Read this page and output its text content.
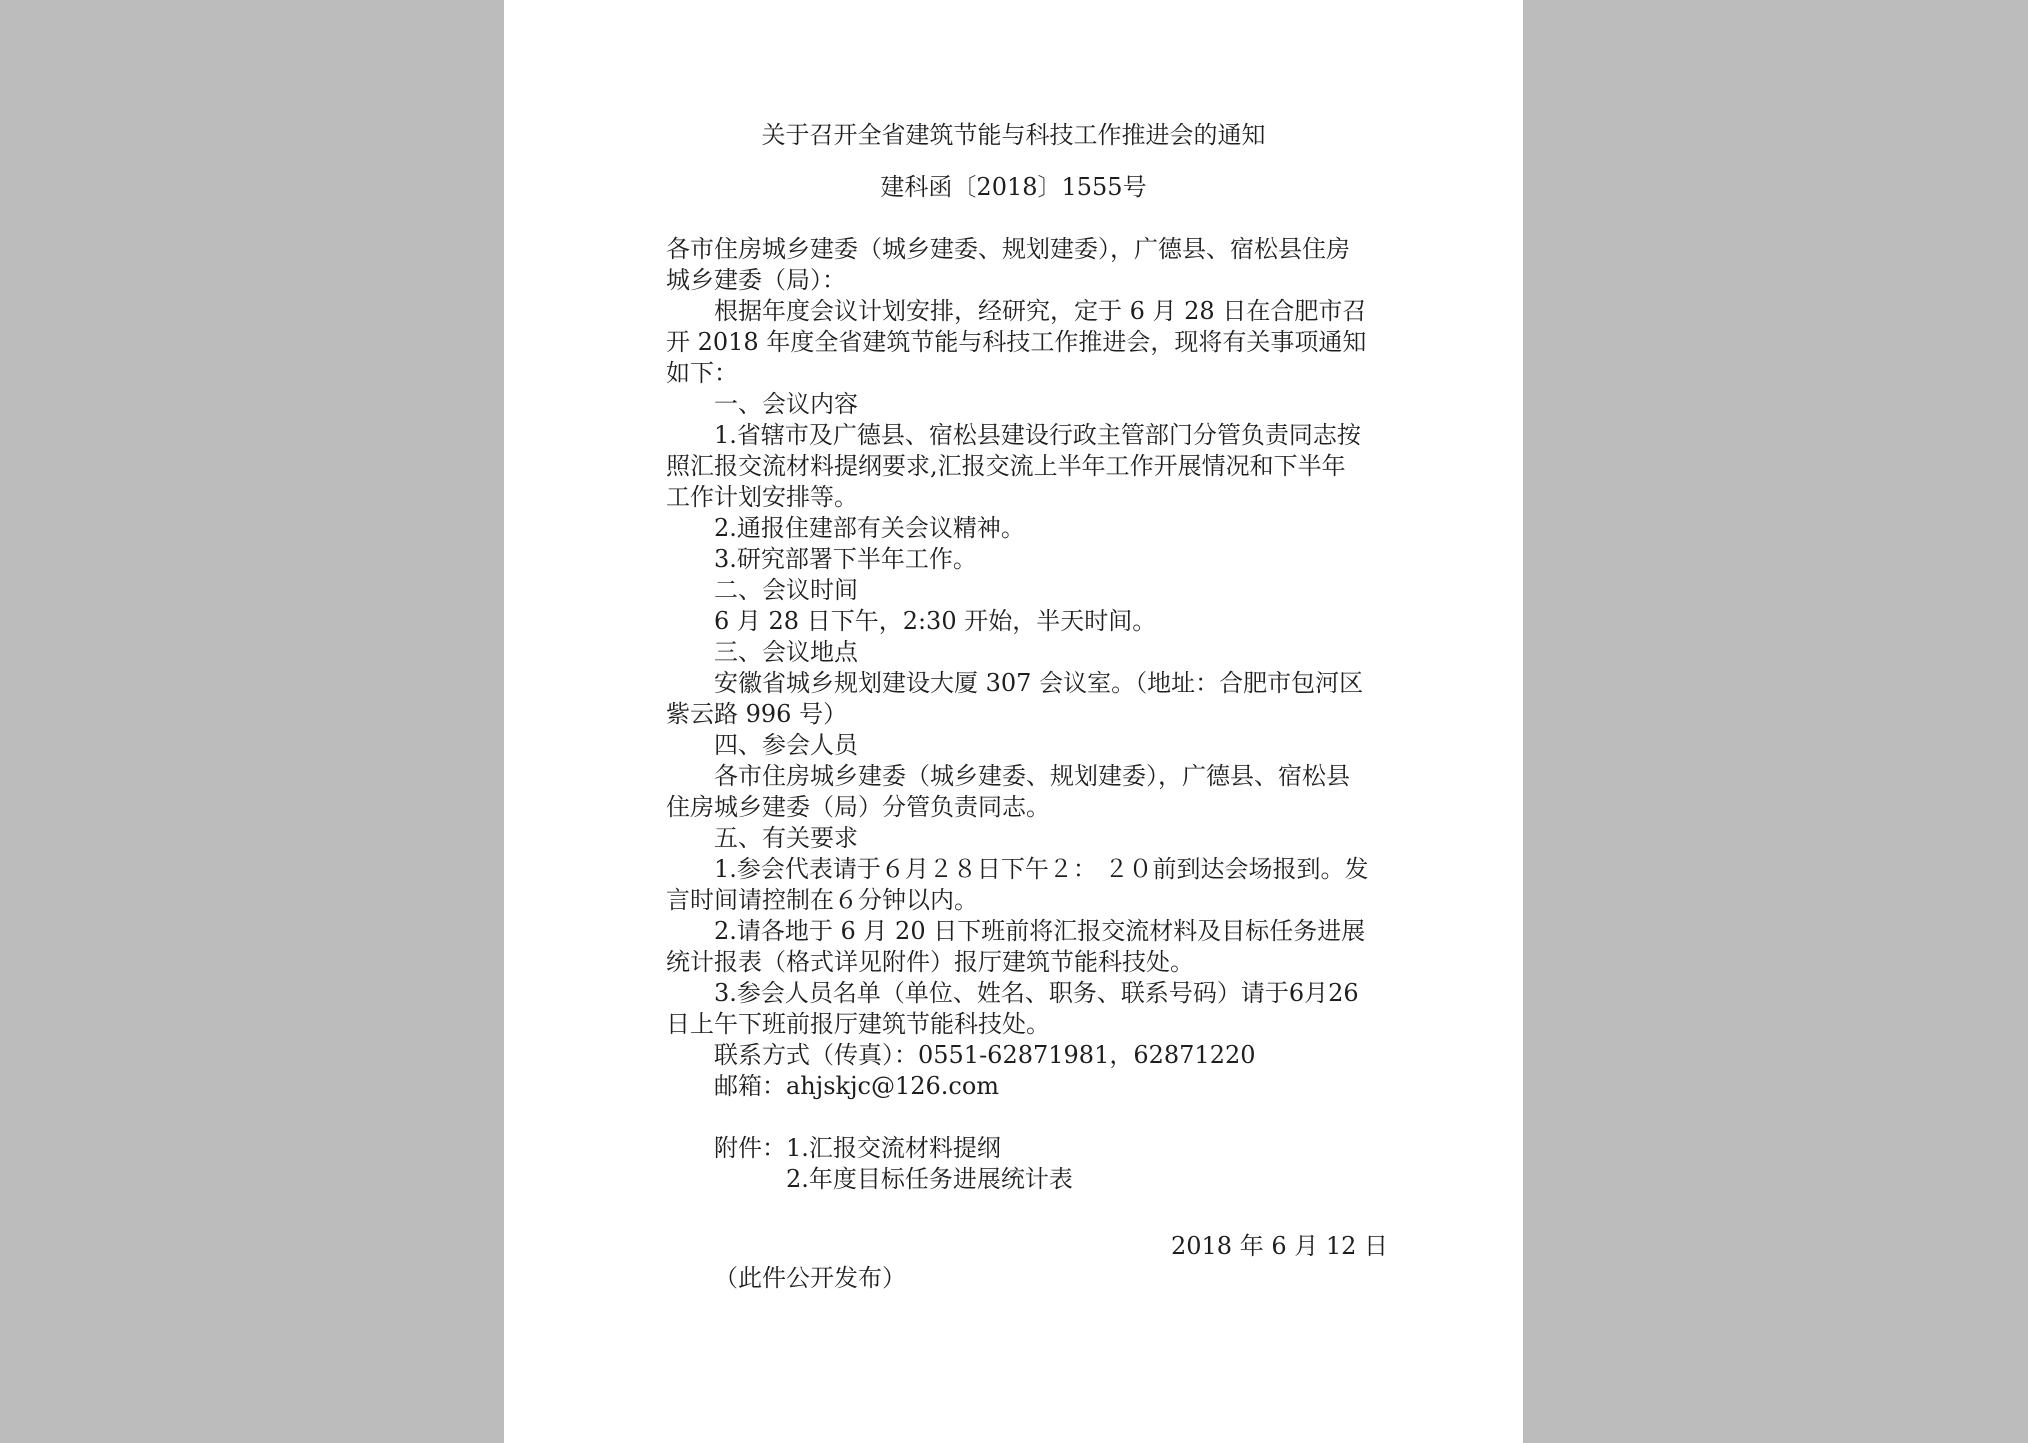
关于召开全省建筑节能与科技工作推进会的通知
建科函〔2018〕1555号
各市住房城乡建委（城乡建委、规划建委），广德县、宿松县住房
城乡建委（局）：
根据年度会议计划安排，经研究，定于 6 月 28 日在合肥市召
开 2018 年度全省建筑节能与科技工作推进会，现将有关事项通知
如下：
一、会议内容
1.省辖市及广德县、宿松县建设行政主管部门分管负责同志按
照汇报交流材料提纲要求,汇报交流上半年工作开展情况和下半年
工作计划安排等。
2.通报住建部有关会议精神。
3.研究部署下半年工作。
二、会议时间
6 月 28 日下午，2:30 开始，半天时间。
三、会议地点
安徽省城乡规划建设大厦 307 会议室。（地址：合肥市包河区
紫云路 996 号）
四、参会人员
各市住房城乡建委（城乡建委、规划建委），广德县、宿松县
住房城乡建委（局）分管负责同志。
五、有关要求
1.参会代表请于６月２８日下午２： ２０前到达会场报到。发
言时间请控制在６分钟以内。
2.请各地于 6 月 20 日下班前将汇报交流材料及目标任务进展
统计报表（格式详见附件）报厅建筑节能科技处。
3.参会人员名单（单位、姓名、职务、联系号码）请于6月26
日上午下班前报厅建筑节能科技处。
联系方式（传真）：0551-62871981，62871220
邮箱：ahjskjc@126.com
附件：1.汇报交流材料提纲
2.年度目标任务进展统计表
2018 年 6 月 12 日
（此件公开发布）
